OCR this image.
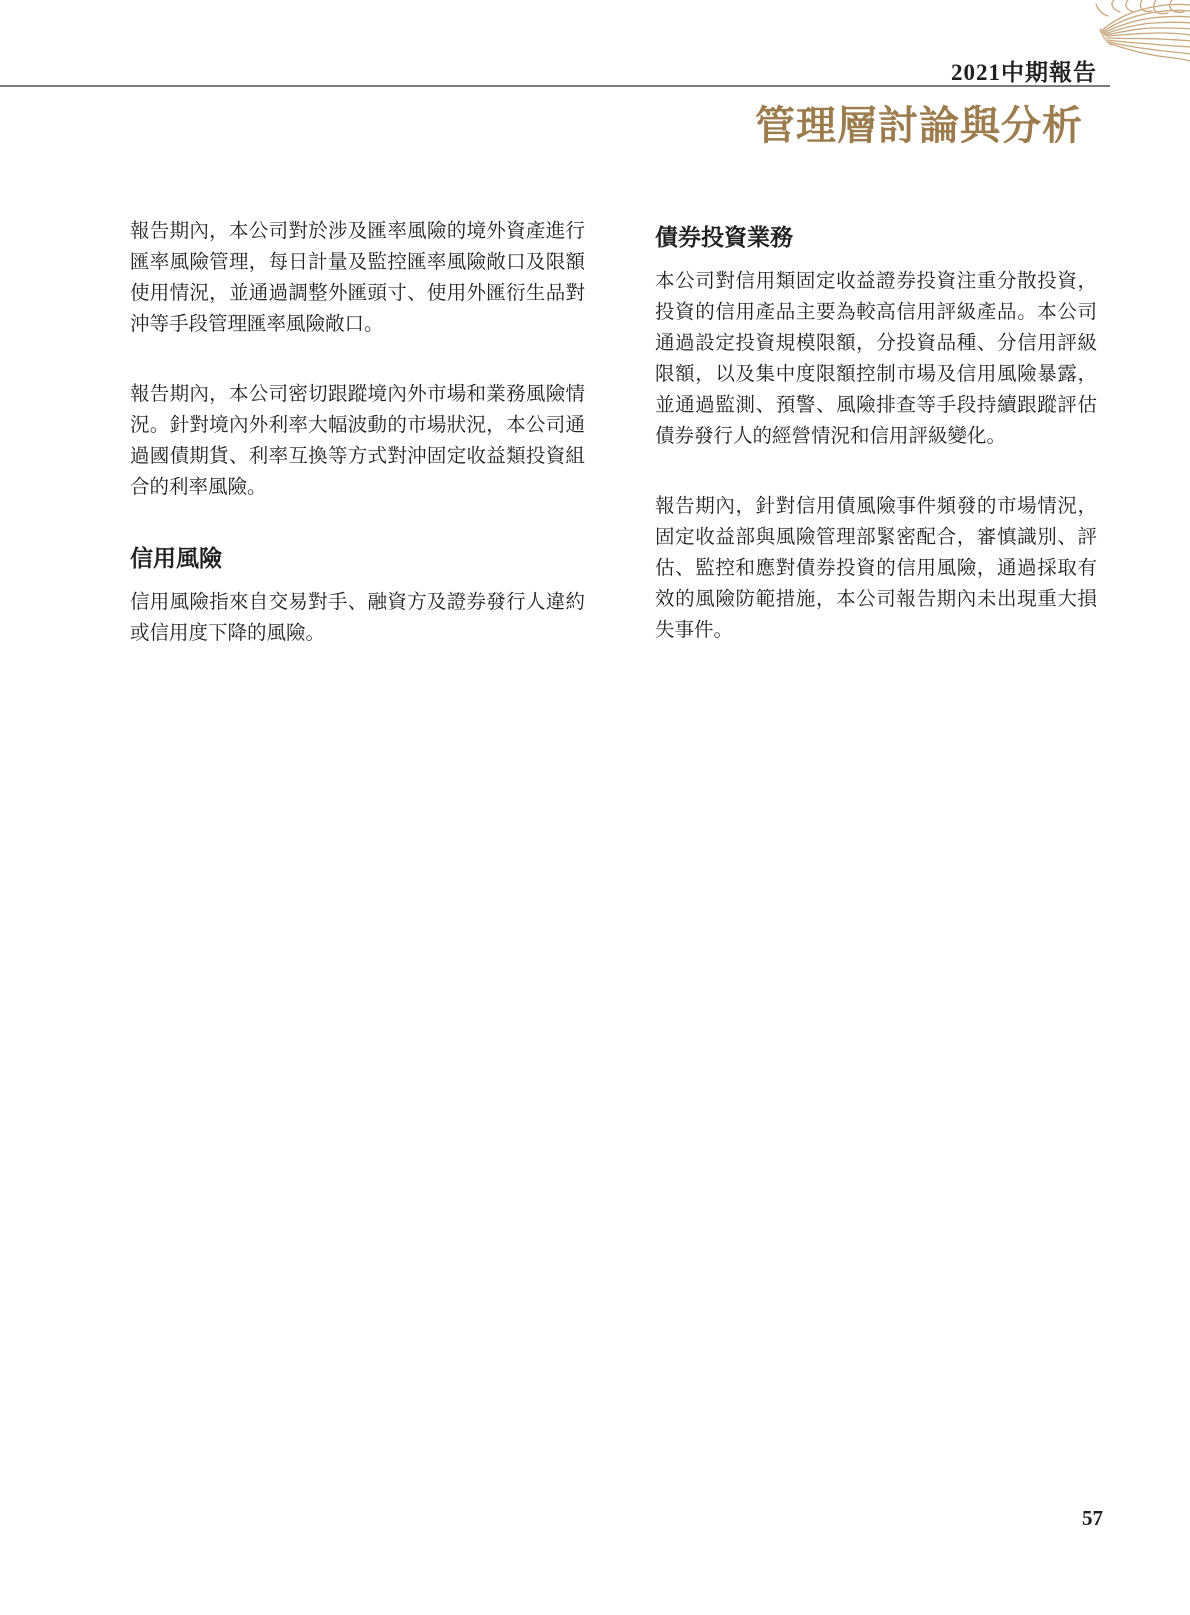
2021中期報告
管理層討論與分析

報告期內，本公司對於涉及匯率風險的境外資產進行匯率風險管理，每日計量及監控匯率風險敞口及限額使用情況，並通過調整外匯頭寸、使用外匯衍生品對沖等手段管理匯率風險敞口。

報告期內，本公司密切跟蹤境內外市場和業務風險情況。針對境內外利率大幅波動的市場狀況，本公司通過國債期貨、利率互換等方式對沖固定收益類投資組合的利率風險。

信用風險

信用風險指來自交易對手、融資方及證券發行人違約或信用度下降的風險。

債券投資業務

本公司對信用類固定收益證券投資注重分散投資，投資的信用產品主要為較高信用評級產品。本公司通過設定投資規模限額，分投資品種、分信用評級限額，以及集中度限額控制市場及信用風險暴露，並通過監測、預警、風險排查等手段持續跟蹤評估債券發行人的經營情況和信用評級變化。

報告期內，針對信用債風險事件頻發的市場情況，固定收益部與風險管理部緊密配合，審慎識別、評估、監控和應對債券投資的信用風險，通過採取有效的風險防範措施，本公司報告期內未出現重大損失事件。

57
